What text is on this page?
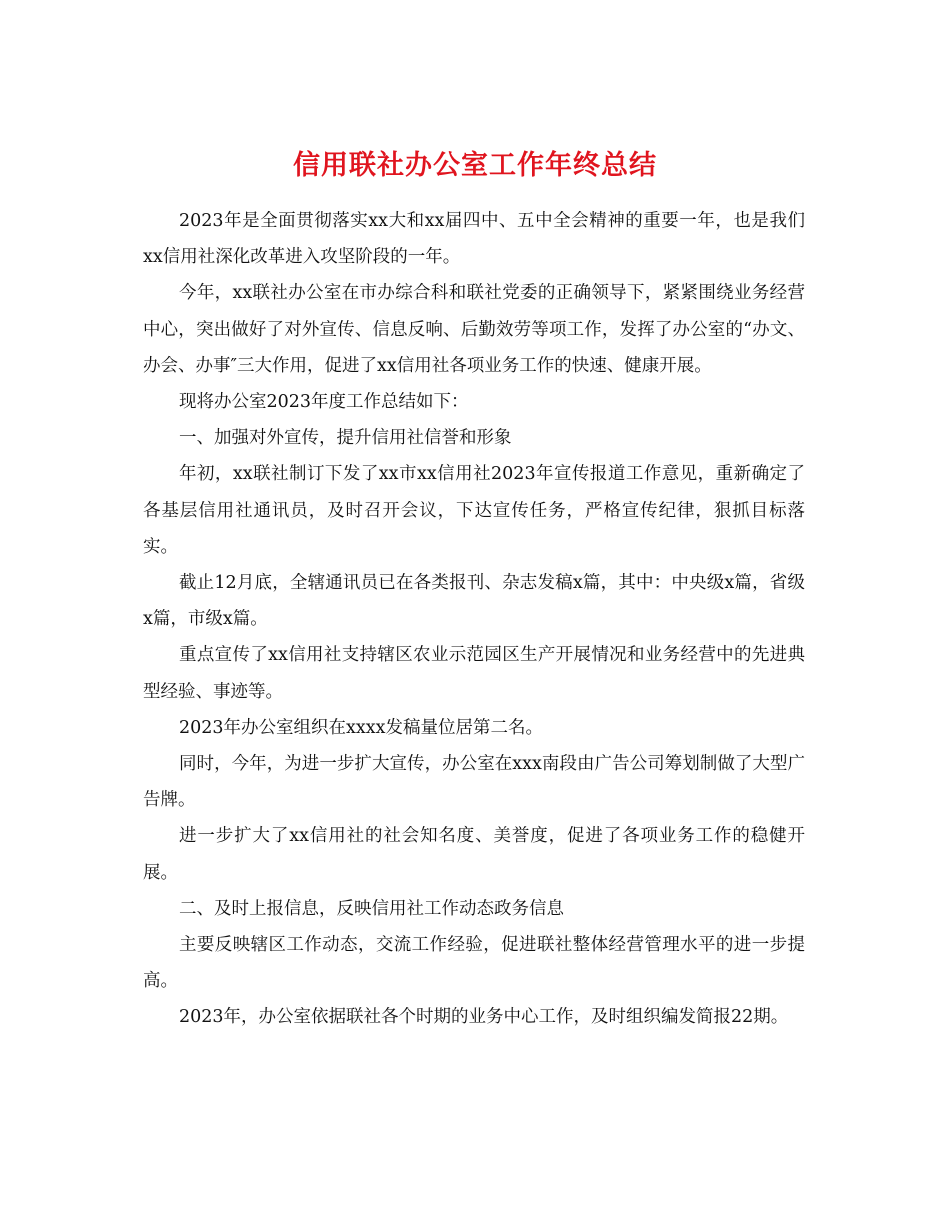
信用联社办公室工作年终总结

2023年是全面贯彻落实xx大和xx届四中、五中全会精神的重要一年，也是我们xx信用社深化改革进入攻坚阶段的一年。

今年，xx联社办公室在市办综合科和联社党委的正确领导下，紧紧围绕业务经营中心，突出做好了对外宣传、信息反响、后勤效劳等项工作，发挥了办公室的“办文、办会、办事″三大作用，促进了xx信用社各项业务工作的快速、健康开展。

现将办公室2023年度工作总结如下：

一、加强对外宣传，提升信用社信誉和形象

年初，xx联社制订下发了xx市xx信用社2023年宣传报道工作意见，重新确定了各基层信用社通讯员，及时召开会议，下达宣传任务，严格宣传纪律，狠抓目标落实。

截止12月底，全辖通讯员已在各类报刊、杂志发稿x篇，其中：中央级x篇，省级x篇，市级x篇。

重点宣传了xx信用社支持辖区农业示范园区生产开展情况和业务经营中的先进典型经验、事迹等。

2023年办公室组织在xxxx发稿量位居第二名。

同时，今年，为进一步扩大宣传，办公室在xxx南段由广告公司筹划制做了大型广告牌。

进一步扩大了xx信用社的社会知名度、美誉度，促进了各项业务工作的稳健开展。

二、及时上报信息，反映信用社工作动态政务信息

主要反映辖区工作动态，交流工作经验，促进联社整体经营管理水平的进一步提高。

2023年，办公室依据联社各个时期的业务中心工作，及时组织编发简报22期。
